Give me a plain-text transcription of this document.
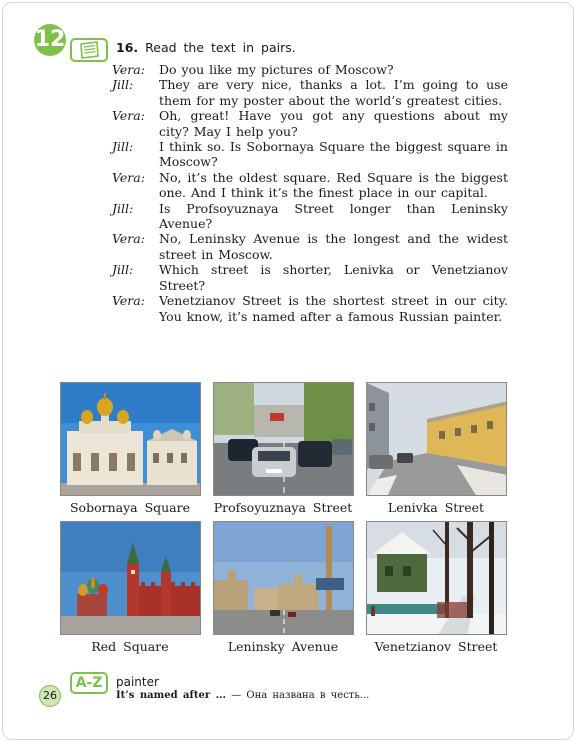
12	16. Read the text in pairs.
Vera:	Do you like my pictures of Moscow?
Jill:	They are very nice, thanks a lot. I’m going to use them for my poster about the world’s greatest cities.
Vera:	Oh, great! Have you got any questions about my city? May I help you?
Jill:	I think so. Is Sobornaya Square the biggest square in Moscow?
Vera:	No, it’s the oldest square. Red Square is the biggest one. And I think it’s the finest place in our capital.
Jill:	Is Profsoyuznaya Street longer than Leninsky Avenue?
Vera:	No, Leninsky Avenue is the longest and the widest street in Moscow.
Jill:	Which street is shorter, Lenivka or Venetzianov Street?
Vera:	Venetzianov Street is the shortest street in our city. You know, it’s named after a famous Russian painter.
Sobornaya Square	Profsoyuznaya Street	Lenivka Street
Red Square	Leninsky Avenue	Venetzianov Street
26
A-Z	painter
It’s named after ... — Она названа в честь...
